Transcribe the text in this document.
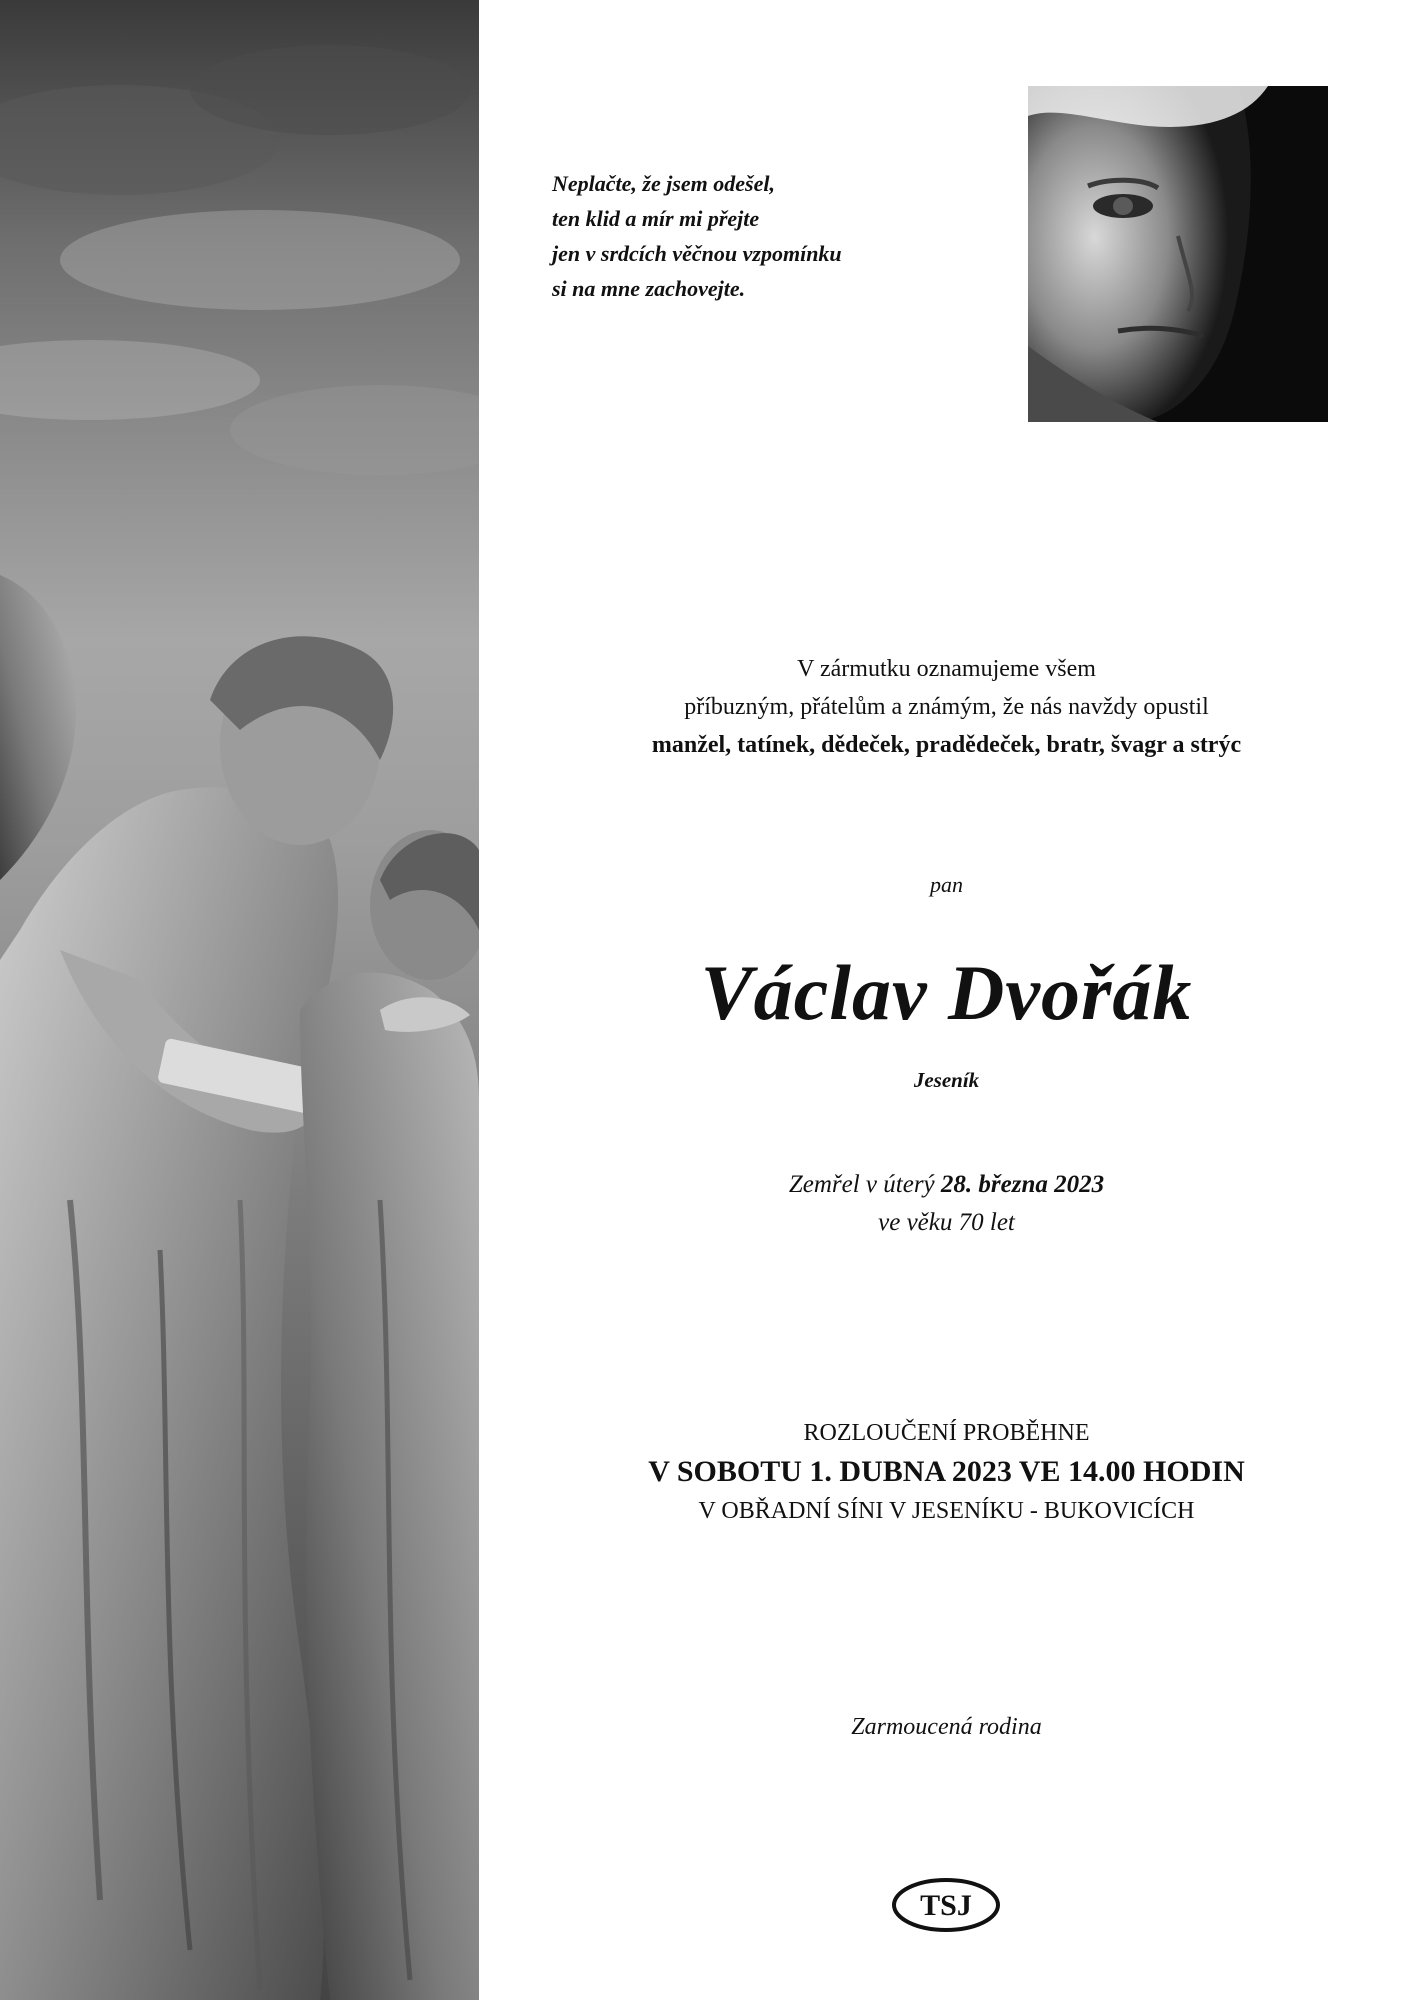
Neplačte, že jsem odešel,
ten klid a mír mi přejte
jen v srdcích věčnou vzpomínku
si na mne zachovejte.
V zármutku oznamujeme všem
příbuzným, přátelům a známým, že nás navždy opustil
manžel, tatínek, dědeček, pradědeček, bratr, švagr a strýc
pan
Václav Dvořák
Jeseník
Zemřel v úterý 28. března 2023
ve věku 70 let
ROZLOUČENÍ PROBĚHNE
V SOBOTU 1. DUBNA 2023 VE 14.00 HODIN
V OBŘADNÍ SÍNI V JESENÍKU - BUKOVICÍCH
Zarmoucená rodina
TSJ
